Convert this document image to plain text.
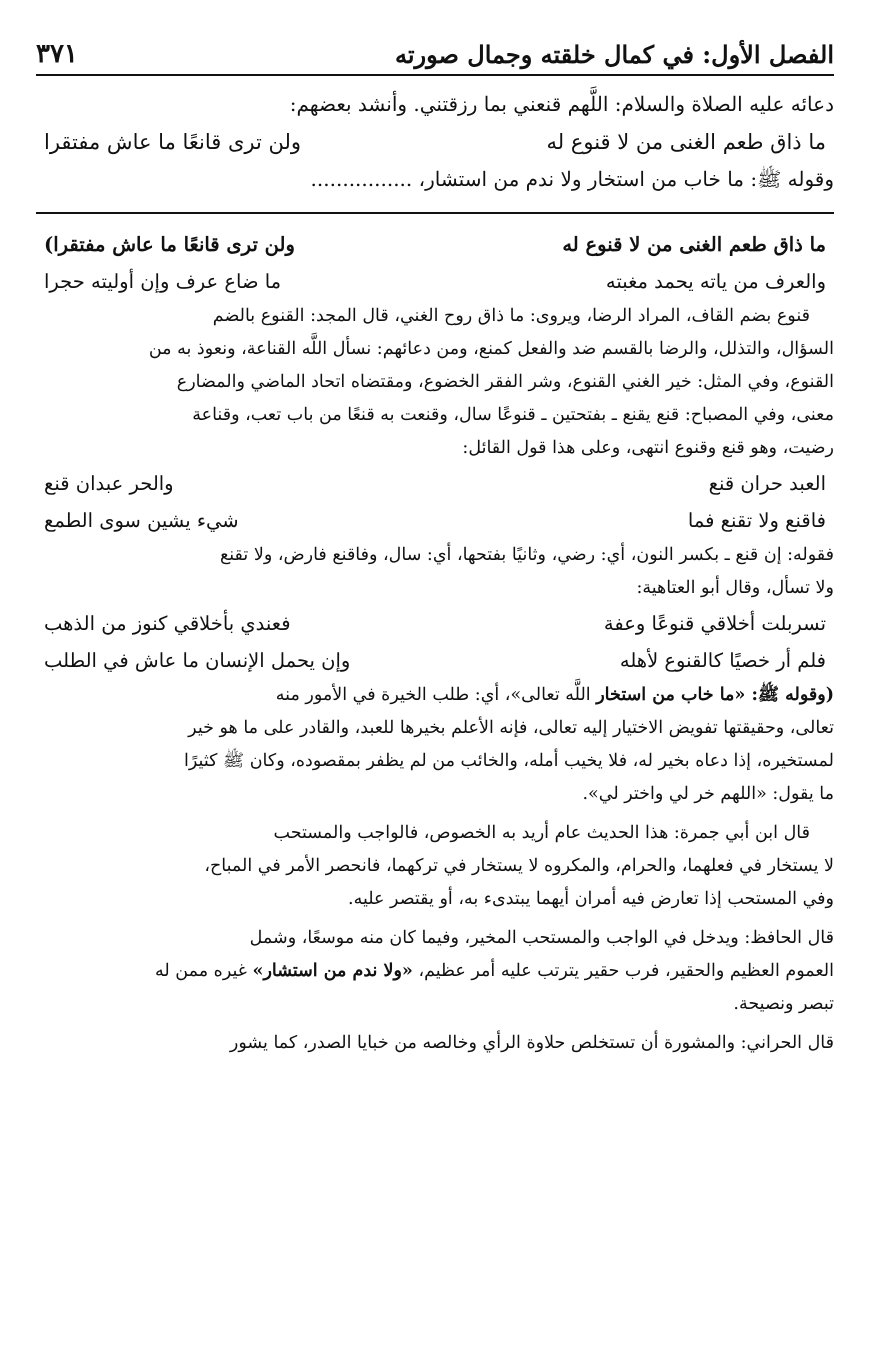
الفصل الأول: في كمال خلقته وجمال صورته
٣٧١
دعائه عليه الصلاة والسلام: اللَّهم قنعني بما رزقتني. وأنشد بعضهم:
ما ذاق طعم الغنى من لا قنوع له
ولن ترى قانعًا ما عاش مفتقرا
وقوله ﷺ: ما خاب من استخار ولا ندم من استشار، ................
ما ذاق طعم الغنى من لا قنوع له
ولن ترى قانعًا ما عاش مفتقرا)
والعرف من ياته يحمد مغبته
ما ضاع عرف وإن أوليته حجرا

قنوع بضم القاف، المراد الرضا، ويروى: ما ذاق روح الغني، قال المجد: القنوع بالضم

السؤال، والتذلل، والرضا بالقسم ضد والفعل كمنع، ومن دعائهم: نسأل اللَّه القناعة، ونعوذ به من

القنوع، وفي المثل: خير الغني القنوع، وشر الفقر الخضوع، ومقتضاه اتحاد الماضي والمضارع

معنى، وفي المصباح: قنع يقنع ـ بفتحتين ـ قنوعًا سال، وقنعت به قنعًا من باب تعب، وقناعة

رضيت، وهو قنع وقنوع انتهى، وعلى هذا قول القائل:

العبد حران قنع
والحر عبدان قنع
فاقنع ولا تقنع فما
شيء يشين سوى الطمع

فقوله: إن قنع ـ بكسر النون، أي: رضي، وثانيًا بفتحها، أي: سال، وفاقنع فارض، ولا تقنع

ولا تسأل، وقال أبو العتاهية:

تسربلت أخلاقي قنوعًا وعفة
فعندي بأخلاقي كنوز من الذهب
فلم أر خصيًا كالقنوع لأهله
وإن يحمل الإنسان ما عاش في الطلب

(وقوله ﷺ: «ما خاب من استخار اللَّه تعالى»، أي: طلب الخيرة في الأمور منه

تعالى، وحقيقتها تفويض الاختيار إليه تعالى، فإنه الأعلم بخيرها للعبد، والقادر على ما هو خير

لمستخيره، إذا دعاه بخير له، فلا يخيب أمله، والخائب من لم يظفر بمقصوده، وكان ﷺ كثيرًا

ما يقول: «اللهم خر لي واختر لي».

قال ابن أبي جمرة: هذا الحديث عام أريد به الخصوص، فالواجب والمستحب

لا يستخار في فعلهما، والحرام، والمكروه لا يستخار في تركهما، فانحصر الأمر في المباح،

وفي المستحب إذا تعارض فيه أمران أيهما يبتدىء به، أو يقتصر عليه.

قال الحافظ: ويدخل في الواجب والمستحب المخير، وفيما كان منه موسعًا، وشمل

العموم العظيم والحقير، فرب حقير يترتب عليه أمر عظيم، «ولا ندم من استشار» غيره ممن له

تبصر ونصيحة.

قال الحراني: والمشورة أن تستخلص حلاوة الرأي وخالصه من خبايا الصدر، كما يشور
